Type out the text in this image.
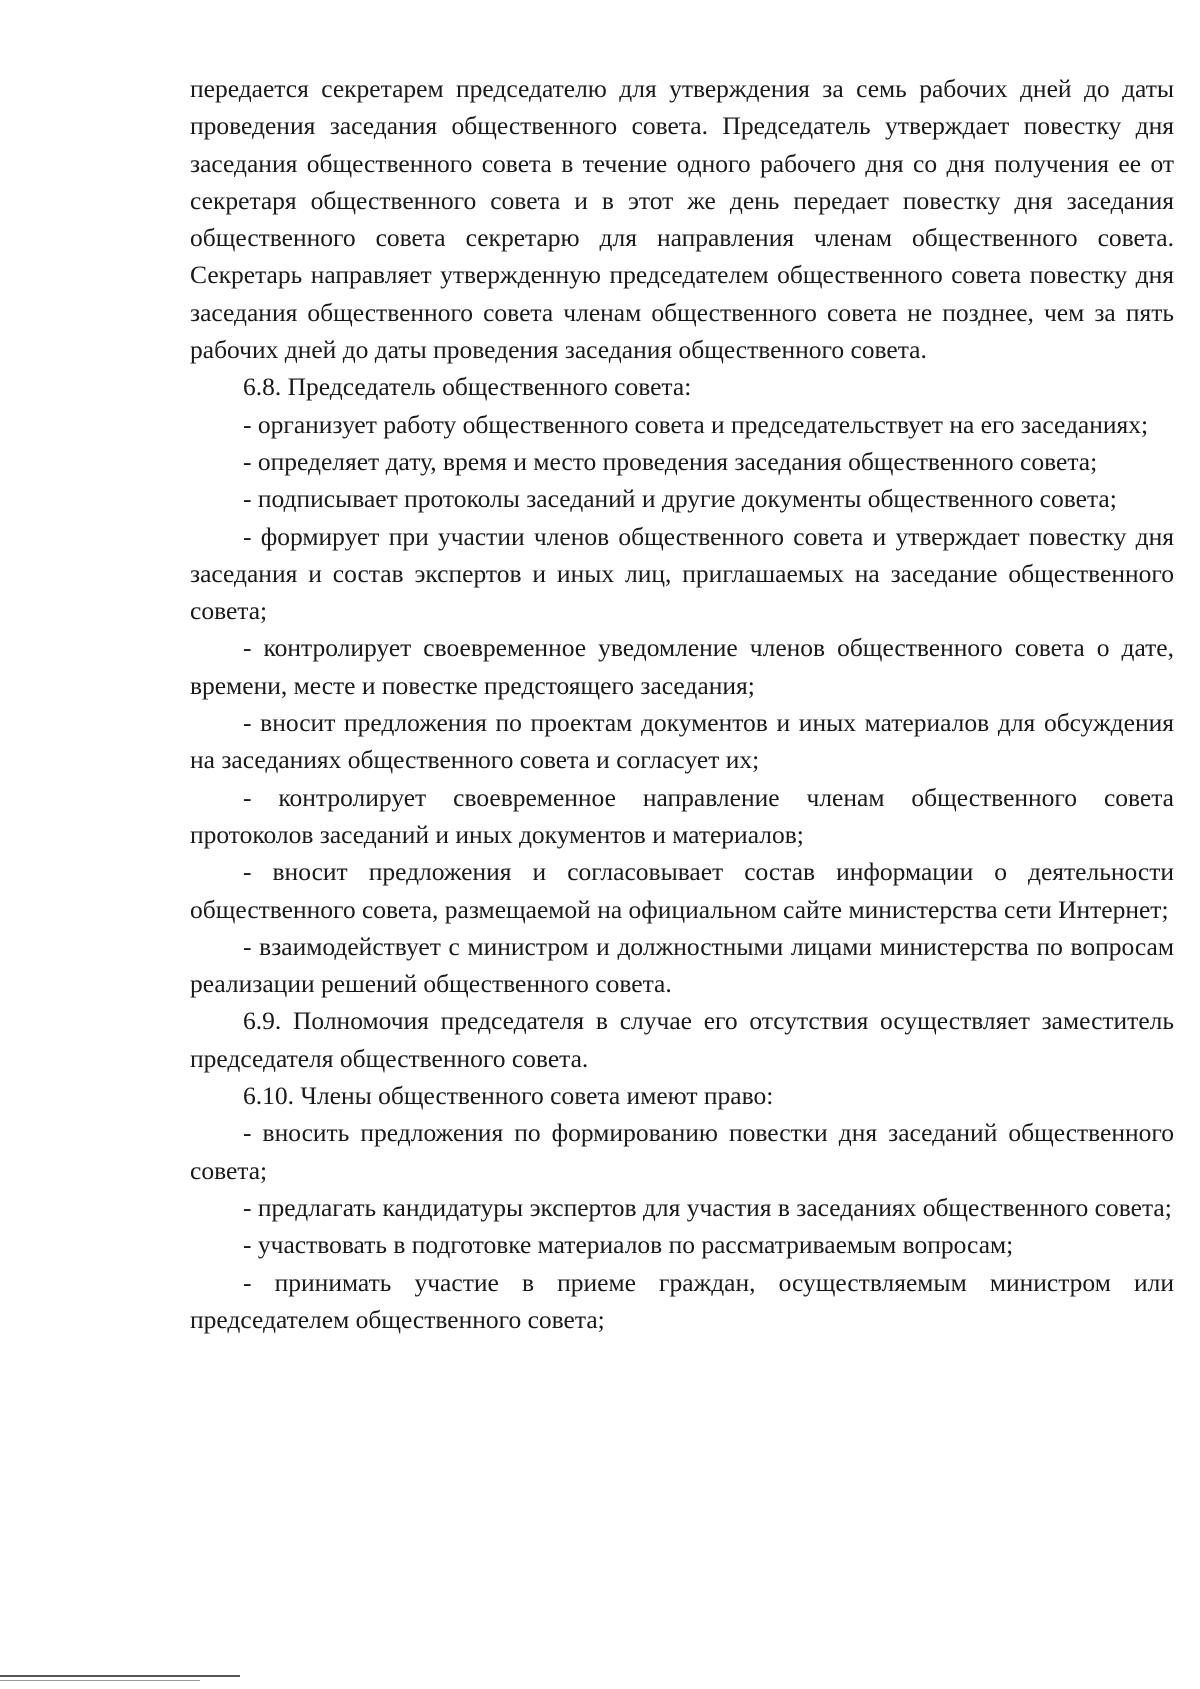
передается секретарем председателю для утверждения за семь рабочих дней до даты проведения заседания общественного совета. Председатель утверждает повестку дня заседания общественного совета в течение одного рабочего дня со дня получения ее от секретаря общественного совета и в этот же день передает повестку дня заседания общественного совета секретарю для направления членам общественного совета. Секретарь направляет утвержденную председателем общественного совета повестку дня заседания общественного совета членам общественного совета не позднее, чем за пять рабочих дней до даты проведения заседания общественного совета.

6.8. Председатель общественного совета:

- организует работу общественного совета и председательствует на его заседаниях;

- определяет дату, время и место проведения заседания общественного совета;

- подписывает протоколы заседаний и другие документы общественного совета;

- формирует при участии членов общественного совета и утверждает повестку дня заседания и состав экспертов и иных лиц, приглашаемых на заседание общественного совета;

- контролирует своевременное уведомление членов общественного совета о дате, времени, месте и повестке предстоящего заседания;

- вносит предложения по проектам документов и иных материалов для обсуждения на заседаниях общественного совета и согласует их;

- контролирует своевременное направление членам общественного совета протоколов заседаний и иных документов и материалов;

- вносит предложения и согласовывает состав информации о деятельности общественного совета, размещаемой на официальном сайте министерства сети Интернет;

- взаимодействует с министром и должностными лицами министерства по вопросам реализации решений общественного совета.

6.9. Полномочия председателя в случае его отсутствия осуществляет заместитель председателя общественного совета.

6.10. Члены общественного совета имеют право:

- вносить предложения по формированию повестки дня заседаний общественного совета;

- предлагать кандидатуры экспертов для участия в заседаниях общественного совета;

- участвовать в подготовке материалов по рассматриваемым вопросам;

- принимать участие в приеме граждан, осуществляемым министром или председателем общественного совета;
